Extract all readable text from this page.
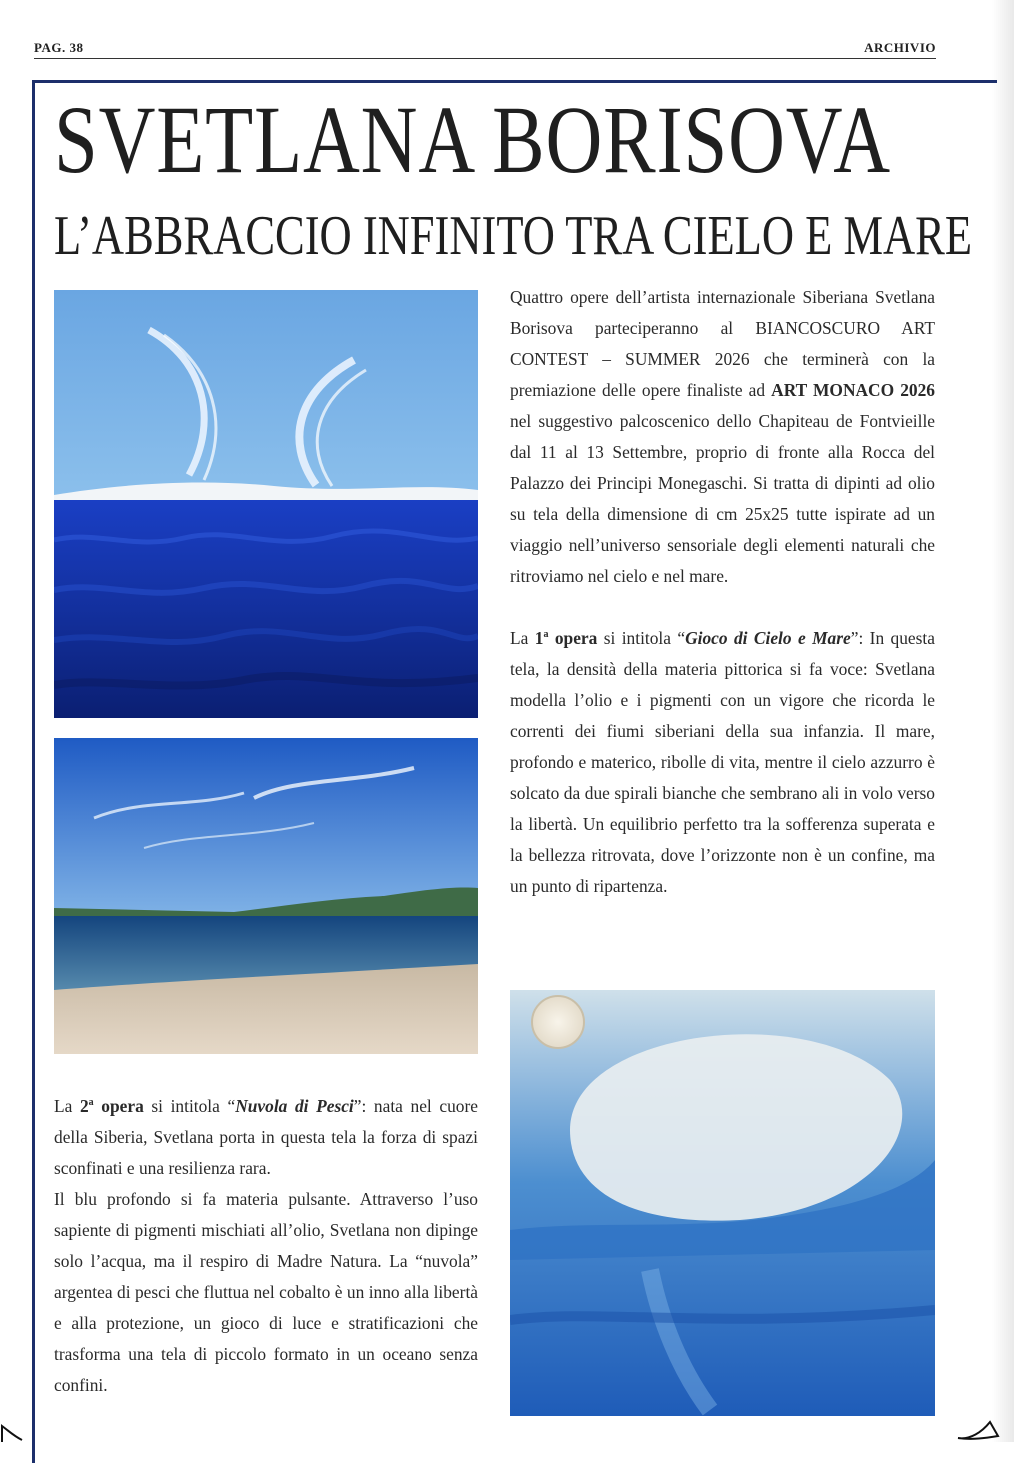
PAG. 38	ARCHIVIO
SVETLANA BORISOVA
L’ABBRACCIO INFINITO TRA CIELO E MARE

Quattro opere dell’artista internazionale Siberiana Svetlana Borisova parteciperanno al BIANCOSCURO ART CONTEST – SUMMER 2026 che terminerà con la premiazione delle opere finaliste ad ART MONACO 2026 nel suggestivo palcoscenico dello Chapiteau de Fontvieille dal 11 al 13 Settembre, proprio di fronte alla Rocca del Palazzo dei Principi Monegaschi. Si tratta di dipinti ad olio su tela della dimensione di cm 25x25 tutte ispirate ad un viaggio nell’universo sensoriale degli elementi naturali che ritroviamo nel cielo e nel mare.

La 1$^a$ opera si intitola “Gioco di Cielo e Mare”: In questa tela, la densità della materia pittorica si fa voce: Svetlana modella l’olio e i pigmenti con un vigore che ricorda le correnti dei fiumi siberiani della sua infanzia. Il mare, profondo e materico, ribolle di vita, mentre il cielo azzurro è solcato da due spirali bianche che sembrano ali in volo verso la libertà. Un equilibrio perfetto tra la sofferenza superata e la bellezza ritrovata, dove l’orizzonte non è un confine, ma un punto di ripartenza.

La 2$^a$ opera si intitola “Nuvola di Pesci”: nata nel cuore della Siberia, Svetlana porta in questa tela la forza di spazi sconfinati e una resilienza rara.

Il blu profondo si fa materia pulsante. Attraverso l’uso sapiente di pigmenti mischiati all’olio, Svetlana non dipinge solo l’acqua, ma il respiro di Madre Natura. La “nuvola” argentea di pesci che fluttua nel cobalto è un inno alla libertà e alla protezione, un gioco di luce e stratificazioni che trasforma una tela di piccolo formato in un oceano senza confini.
